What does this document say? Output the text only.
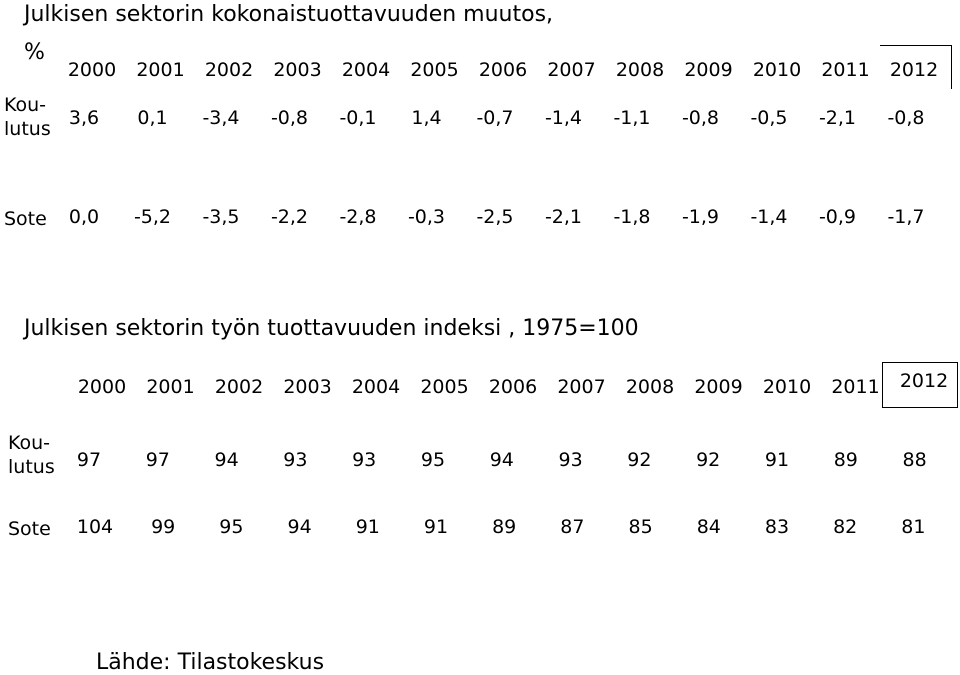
Julkisen sektorin kokonaistuottavuuden muutos,
%
2000	2001	2002	2003	2004	2005	2006	2007	2008	2009	2010	2011	2012
Kou-
lutus 3,6	0,1	-3,4	-0,8	-0,1	1,4	-0,7	-1,4	-1,1	-0,8	-0,5	-2,1	-0,8
Sote	0,0	-5,2	-3,5	-2,2	-2,8	-0,3	-2,5	-2,1	-1,8	-1,9	-1,4	-0,9	-1,7
Julkisen sektorin työn tuottavuuden indeksi , 1975=100
2000	2001	2002	2003	2004	2005	2006	2007	2008	2009	2010	2011	2012
Kou-
lutus	97	97	94	93	93	95	94	93	92	92	91	89	88
Sote	104	99	95	94	91	91	89	87	85	84	83	82	81
Lähde: Tilastokeskus
